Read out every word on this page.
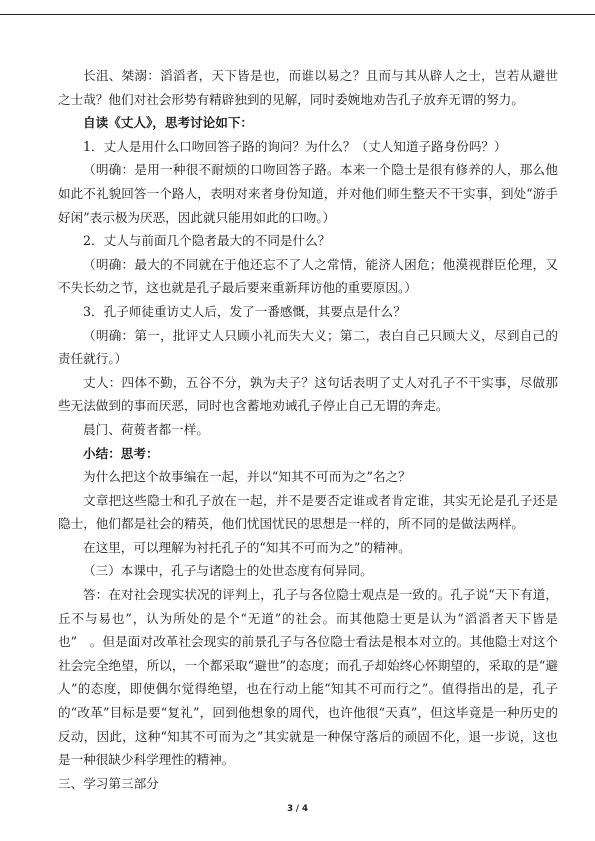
长沮、桀溺：滔滔者，天下皆是也，而谁以易之？且而与其从辟人之士，岂若从避世之士哉？他们对社会形势有精辟独到的见解，同时委婉地劝告孔子放弃无谓的努力。

自读《丈人》，思考讨论如下：

1．丈人是用什么口吻回答子路的询问？为什么？（丈人知道子路身份吗？）

（明确：是用一种很不耐烦的口吻回答子路。本来一个隐士是很有修养的人，那么他如此不礼貌回答一个路人，表明对来者身份知道，并对他们师生整天不干实事，到处“游手好闲”表示极为厌恶，因此就只能用如此的口吻。）

2．丈人与前面几个隐者最大的不同是什么？

（明确：最大的不同就在于他还忘不了人之常情，能济人困危；他漠视群臣伦理，又不失长幼之节，这也就是孔子最后要来重新拜访他的重要原因。）

3．孔子师徒重访丈人后，发了一番感慨，其要点是什么？

（明确：第一，批评丈人只顾小礼而失大义；第二，表白自己只顾大义，尽到自己的责任就行。）

丈人：四体不勤，五谷不分，孰为夫子？这句话表明了丈人对孔子不干实事，尽做那些无法做到的事而厌恶，同时也含蓄地劝诫孔子停止自己无谓的奔走。

晨门、荷蒉者都一样。

小结：思考：

为什么把这个故事编在一起，并以“知其不可而为之”名之？

文章把这些隐士和孔子放在一起，并不是要否定谁或者肯定谁，其实无论是孔子还是隐士，他们都是社会的精英，他们忧国忧民的思想是一样的，所不同的是做法两样。

在这里，可以理解为衬托孔子的“知其不可而为之”的精神。

（三）本课中，孔子与诸隐士的处世态度有何异同。

答：在对社会现实状况的评判上，孔子与各位隐士观点是一致的。孔子说“天下有道，丘不与易也”，认为所处的是个“无道”的社会。而其他隐士更是认为“滔滔者天下皆是也”　。但是面对改革社会现实的前景孔子与各位隐士看法是根本对立的。其他隐士对这个社会完全绝望，所以，一个都采取“避世”的态度；而孔子却始终心怀期望的，采取的是“避人”的态度，即使偶尔觉得绝望，也在行动上能“知其不可而行之”。值得指出的是，孔子的“改革”目标是要“复礼”，回到他想象的周代，也许他很“天真”，但这毕竟是一种历史的反动，因此，这种“知其不可而为之”其实就是一种保守落后的顽固不化，退一步说，这也是一种很缺少科学理性的精神。

三、学习第三部分

3 / 4
